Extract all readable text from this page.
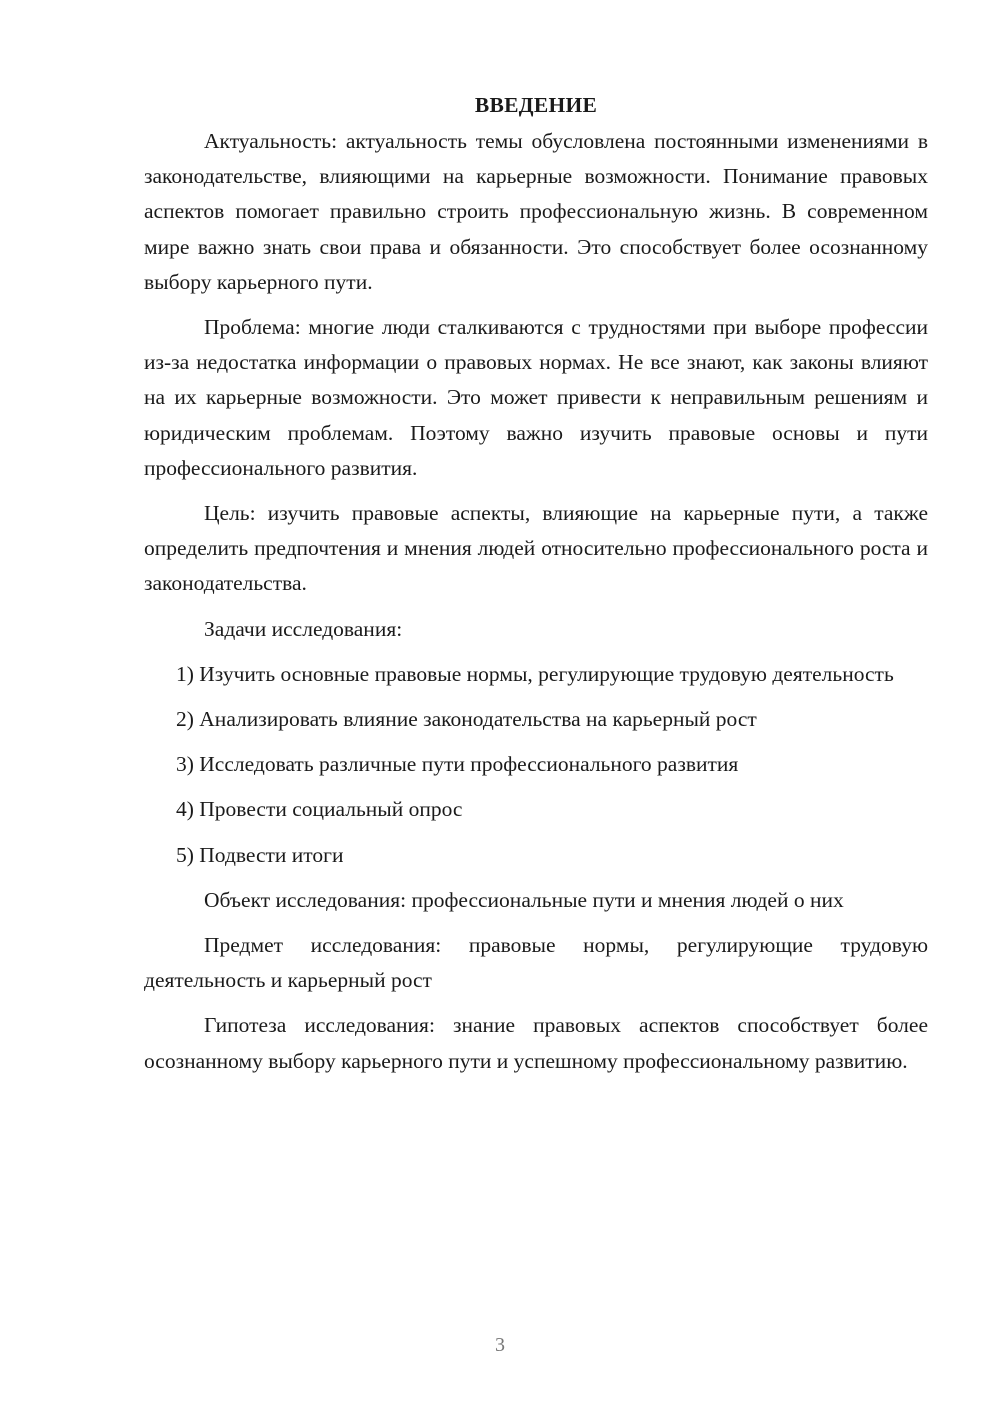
ВВЕДЕНИЕ

Актуальность: актуальность темы обусловлена постоянными изменениями в законодательстве, влияющими на карьерные возможности. Понимание правовых аспектов помогает правильно строить профессиональную жизнь. В современном мире важно знать свои права и обязанности. Это способствует более осознанному выбору карьерного пути.

Проблема: многие люди сталкиваются с трудностями при выборе профессии из-за недостатка информации о правовых нормах. Не все знают, как законы влияют на их карьерные возможности. Это может привести к неправильным решениям и юридическим проблемам. Поэтому важно изучить правовые основы и пути профессионального развития.

Цель: изучить правовые аспекты, влияющие на карьерные пути, а также определить предпочтения и мнения людей относительно профессионального роста и законодательства.

Задачи исследования:

1) Изучить основные правовые нормы, регулирующие трудовую деятельность

2) Анализировать влияние законодательства на карьерный рост

3) Исследовать различные пути профессионального развития

4) Провести социальный опрос

5) Подвести итоги

Объект исследования: профессиональные пути и мнения людей о них

Предмет исследования: правовые нормы, регулирующие трудовую деятельность и карьерный рост

Гипотеза исследования: знание правовых аспектов способствует более осознанному выбору карьерного пути и успешному профессиональному развитию.

3
